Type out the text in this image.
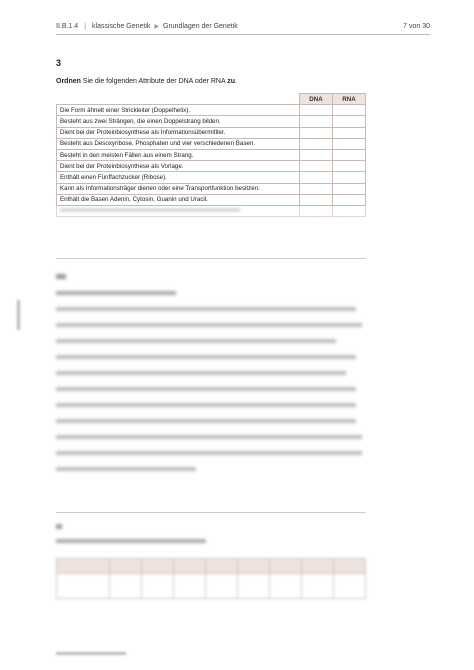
II.B.1.4 | klassische Genetik ▶ Grundlagen der Genetik	7 von 30
3
Ordnen Sie die folgenden Attribute der DNA oder RNA zu.
	DNA	RNA
Die Form ähnelt einer Strickleiter (Doppelhelix).		
Besteht aus zwei Strängen, die einen Doppelstrang bilden.		
Dient bei der Proteinbiosynthese als Informationsübermittler.		
Besteht aus Desoxyribose, Phosphaten und vier verschiedenen Basen.		
Besteht in den meisten Fällen aus einem Strang.		
Dient bei der Proteinbiosynthese als Vorlage.		
Enthält einen Fünffachzucker (Ribose).		
Kann als Informationsträger dienen oder eine Transportfunktion besitzen.		
Enthält die Basen Adenin, Cytosin, Guanin und Uracil.		
